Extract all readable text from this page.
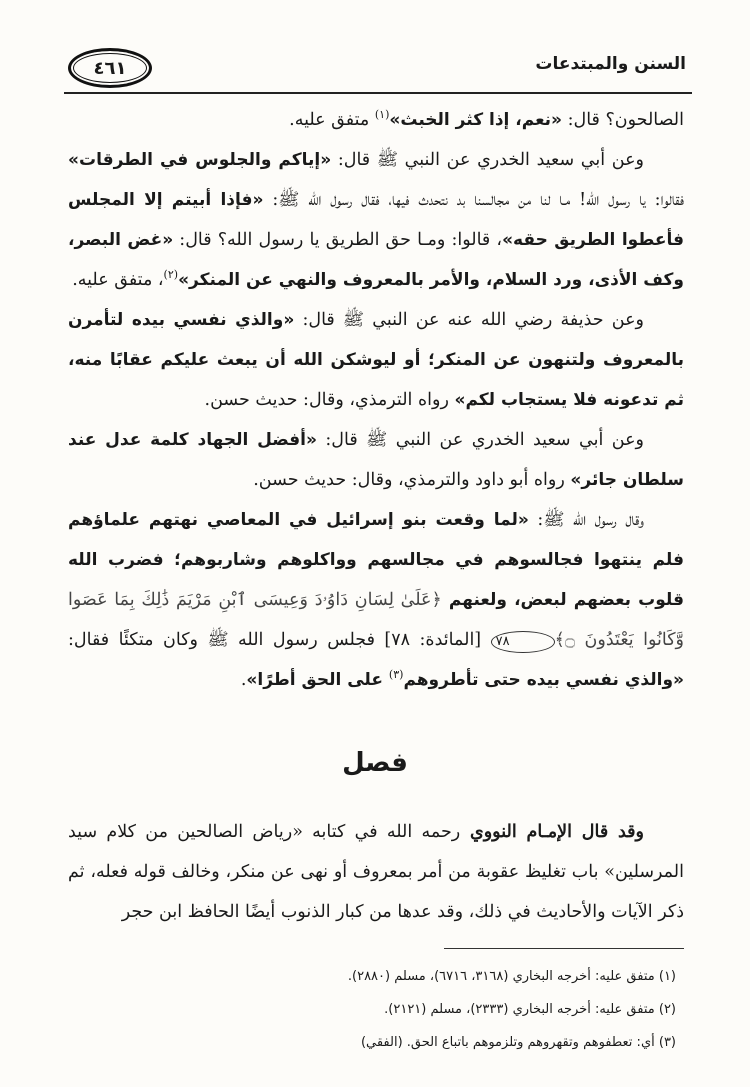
السنن والمبتدعات
٤٦١

الصالحون؟ قال: «نعم، إذا كثر الخبث»$^{(١)}$ متفق عليه.

وعن أبي سعيد الخدري عن النبي ﷺ قال: «إياكم والجلوس في الطرقات» فقالوا: يا رسول الله! مـا لنا من مجالسنا بد نتحدث فيها، فقال رسول الله ﷺ: «فإذا أبيتم إلا المجلس فأعطوا الطريق حقه»، قالوا: ومـا حق الطريق يا رسول الله؟ قال: «غض البصر، وكف الأذى، ورد السلام، والأمر بالمعروف والنهي عن المنكر»$^{(٢)}$، متفق عليه.

وعن حذيفة رضي الله عنه عن النبي ﷺ قال: «والذي نفسي بيده لتأمرن بالمعروف ولتنهون عن المنكر؛ أو ليوشكن الله أن يبعث عليكم عقابًا منه، ثم تدعونه فلا يستجاب لكم» رواه الترمذي، وقال: حديث حسن.

وعن أبي سعيد الخدري عن النبي ﷺ قال: «أفضل الجهاد كلمة عدل عند سلطان جائر» رواه أبو داود والترمذي، وقال: حديث حسن.

وقال رسول الله ﷺ: «لما وقعت بنو إسرائيل في المعاصي نهتهم علماؤهم فلم ينتهوا فجالسوهم في مجالسهم وواكلوهم وشاربوهم؛ فضرب الله قلوب بعضهم لبعض، ولعنهم ﴿عَلَىٰ لِسَانِ دَاوُۥدَ وَعِيسَى ٱبْنِ مَرْيَمَ ذَٰلِكَ بِمَا عَصَوا وَّكَانُوا يَعْتَدُونَ ۝﴾٧٨ [المائدة: ٧٨] فجلس رسول الله ﷺ وكان متكئًا فقال: «والذي نفسي بيده حتى تأطروهم$^{(٣)}$ على الحق أطرًا».

فصل

وقد قال الإمـام النووي رحمه الله في كتابه «رياض الصالحين من كلام سيد المرسلين» باب تغليظ عقوبة من أمر بمعروف أو نهى عن منكر، وخالف قوله فعله، ثم ذكر الآيات والأحاديث في ذلك، وقد عدها من كبار الذنوب أيضًا الحافظ ابن حجر

(١) متفق عليه: أخرجه البخاري (٣١٦٨، ٦٧١٦)، مسلم (٢٨٨٠).
(٢) متفق عليه: أخرجه البخاري (٢٣٣٣)، مسلم (٢١٢١).
(٣) أي: تعطفوهم وتقهروهم وتلزموهم باتباع الحق. (الفقي)
